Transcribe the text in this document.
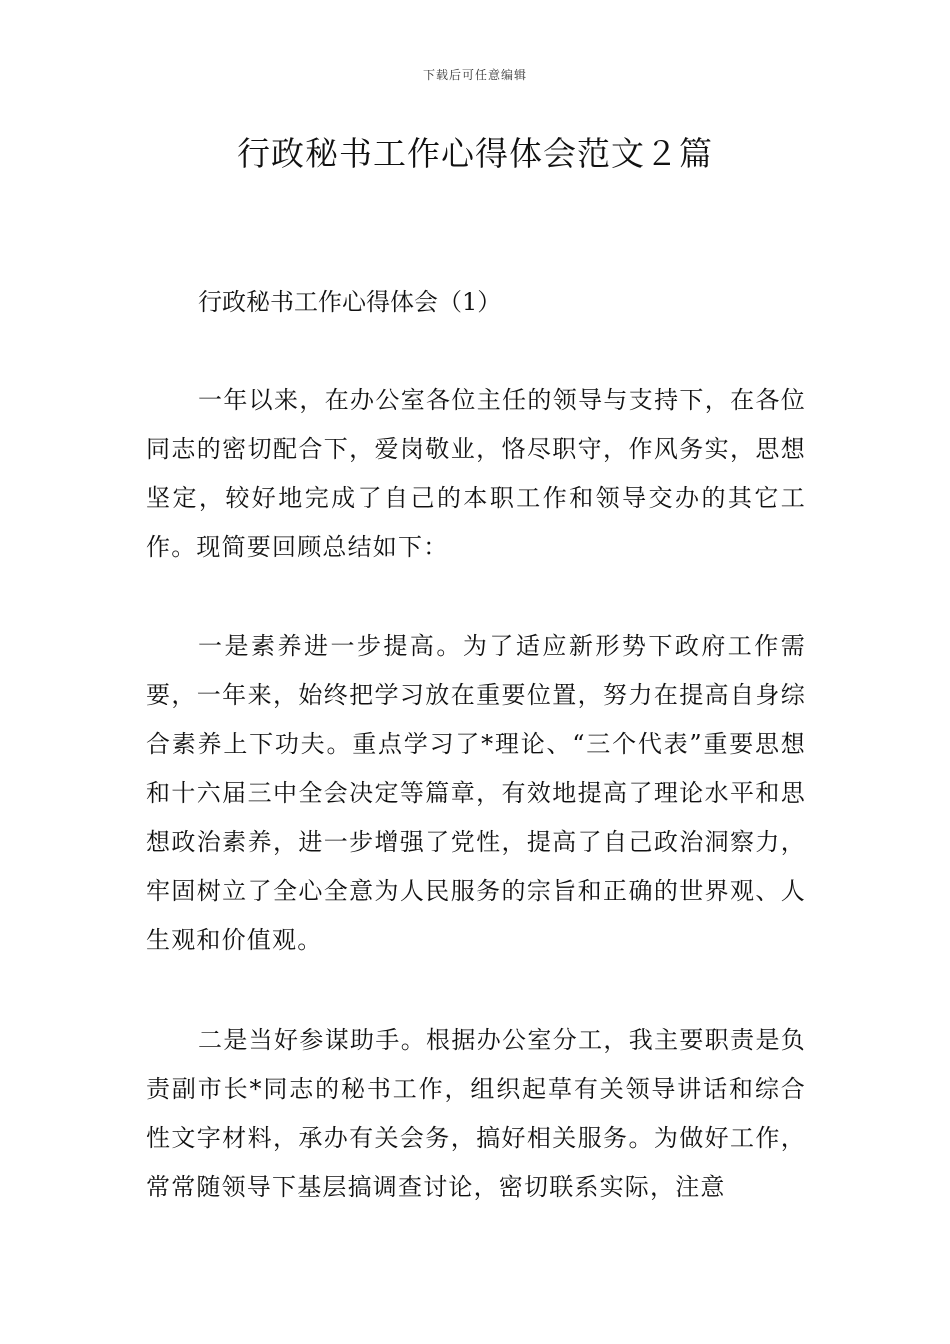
下载后可任意编辑
行政秘书工作心得体会范文２篇

行政秘书工作心得体会（1）

一年以来，在办公室各位主任的领导与支持下，在各位同志的密切配合下，爱岗敬业，恪尽职守，作风务实，思想坚定，较好地完成了自己的本职工作和领导交办的其它工作。现简要回顾总结如下：

一是素养进一步提高。为了适应新形势下政府工作需要，一年来，始终把学习放在重要位置，努力在提高自身综合素养上下功夫。重点学习了*理论、“三个代表”重要思想和十六届三中全会决定等篇章，有效地提高了理论水平和思想政治素养，进一步增强了党性，提高了自己政治洞察力，牢固树立了全心全意为人民服务的宗旨和正确的世界观、人生观和价值观。

二是当好参谋助手。根据办公室分工，我主要职责是负责副市长*同志的秘书工作，组织起草有关领导讲话和综合性文字材料，承办有关会务，搞好相关服务。为做好工作，常常随领导下基层搞调查讨论，密切联系实际，注意
